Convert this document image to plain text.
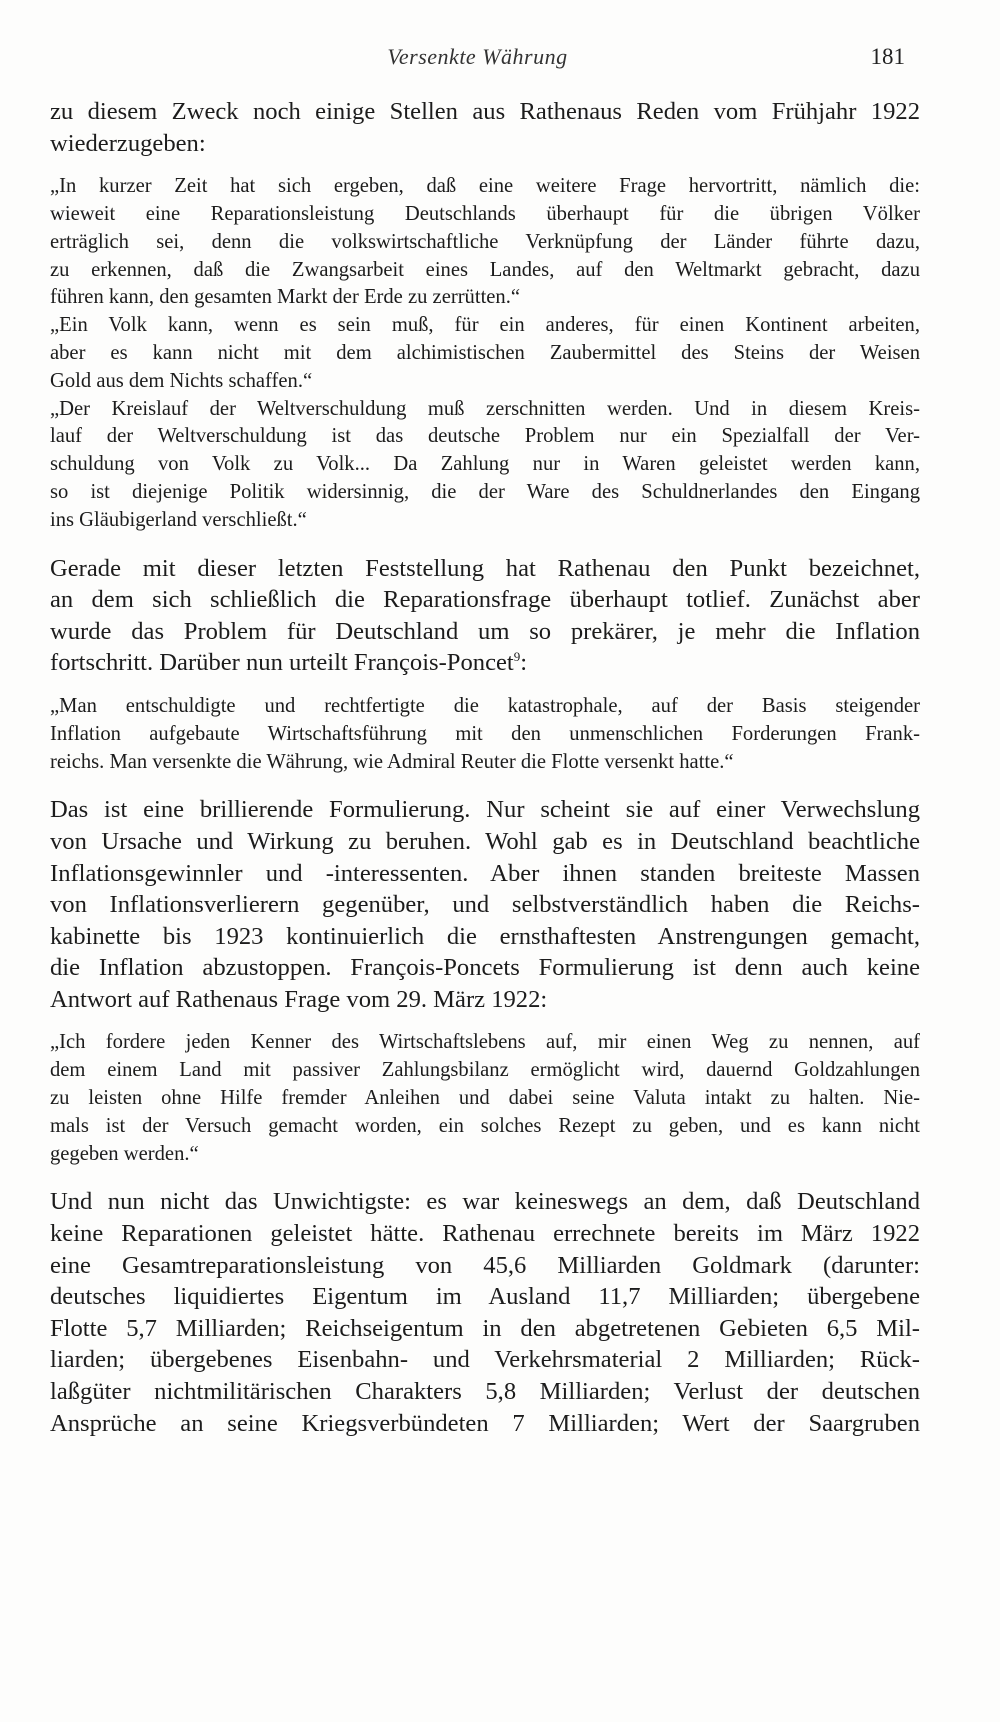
Versenkte Währung	181
zu diesem Zweck noch einige Stellen aus Rathenaus Reden vom Frühjahr 1922
wiederzugeben:
„In kurzer Zeit hat sich ergeben, daß eine weitere Frage hervortritt, nämlich die:
wieweit eine Reparationsleistung Deutschlands überhaupt für die übrigen Völker
erträglich sei, denn die volkswirtschaftliche Verknüpfung der Länder führte dazu,
zu erkennen, daß die Zwangsarbeit eines Landes, auf den Weltmarkt gebracht, dazu
führen kann, den gesamten Markt der Erde zu zerrütten.“
„Ein Volk kann, wenn es sein muß, für ein anderes, für einen Kontinent arbeiten,
aber es kann nicht mit dem alchimistischen Zaubermittel des Steins der Weisen
Gold aus dem Nichts schaffen.“
„Der Kreislauf der Weltverschuldung muß zerschnitten werden. Und in diesem Kreis-
lauf der Weltverschuldung ist das deutsche Problem nur ein Spezialfall der Ver-
schuldung von Volk zu Volk... Da Zahlung nur in Waren geleistet werden kann,
so ist diejenige Politik widersinnig, die der Ware des Schuldnerlandes den Eingang
ins Gläubigerland verschließt.“
Gerade mit dieser letzten Feststellung hat Rathenau den Punkt bezeichnet,
an dem sich schließlich die Reparationsfrage überhaupt totlief. Zunächst aber
wurde das Problem für Deutschland um so prekärer, je mehr die Inflation
fortschritt. Darüber nun urteilt François-Poncet$^9$:
„Man entschuldigte und rechtfertigte die katastrophale, auf der Basis steigender
Inflation aufgebaute Wirtschaftsführung mit den unmenschlichen Forderungen Frank-
reichs. Man versenkte die Währung, wie Admiral Reuter die Flotte versenkt hatte.“
Das ist eine brillierende Formulierung. Nur scheint sie auf einer Verwechslung
von Ursache und Wirkung zu beruhen. Wohl gab es in Deutschland beachtliche
Inflationsgewinnler und -interessenten. Aber ihnen standen breiteste Massen
von Inflationsverlierern gegenüber, und selbstverständlich haben die Reichs-
kabinette bis 1923 kontinuierlich die ernsthaftesten Anstrengungen gemacht,
die Inflation abzustoppen. François-Poncets Formulierung ist denn auch keine
Antwort auf Rathenaus Frage vom 29. März 1922:
„Ich fordere jeden Kenner des Wirtschaftslebens auf, mir einen Weg zu nennen, auf
dem einem Land mit passiver Zahlungsbilanz ermöglicht wird, dauernd Goldzahlungen
zu leisten ohne Hilfe fremder Anleihen und dabei seine Valuta intakt zu halten. Nie-
mals ist der Versuch gemacht worden, ein solches Rezept zu geben, und es kann nicht
gegeben werden.“
Und nun nicht das Unwichtigste: es war keineswegs an dem, daß Deutschland
keine Reparationen geleistet hätte. Rathenau errechnete bereits im März 1922
eine Gesamtreparationsleistung von 45,6 Milliarden Goldmark (darunter:
deutsches liquidiertes Eigentum im Ausland 11,7 Milliarden; übergebene
Flotte 5,7 Milliarden; Reichseigentum in den abgetretenen Gebieten 6,5 Mil-
liarden; übergebenes Eisenbahn- und Verkehrsmaterial 2 Milliarden; Rück-
laßgüter nichtmilitärischen Charakters 5,8 Milliarden; Verlust der deutschen
Ansprüche an seine Kriegsverbündeten 7 Milliarden; Wert der Saargruben
